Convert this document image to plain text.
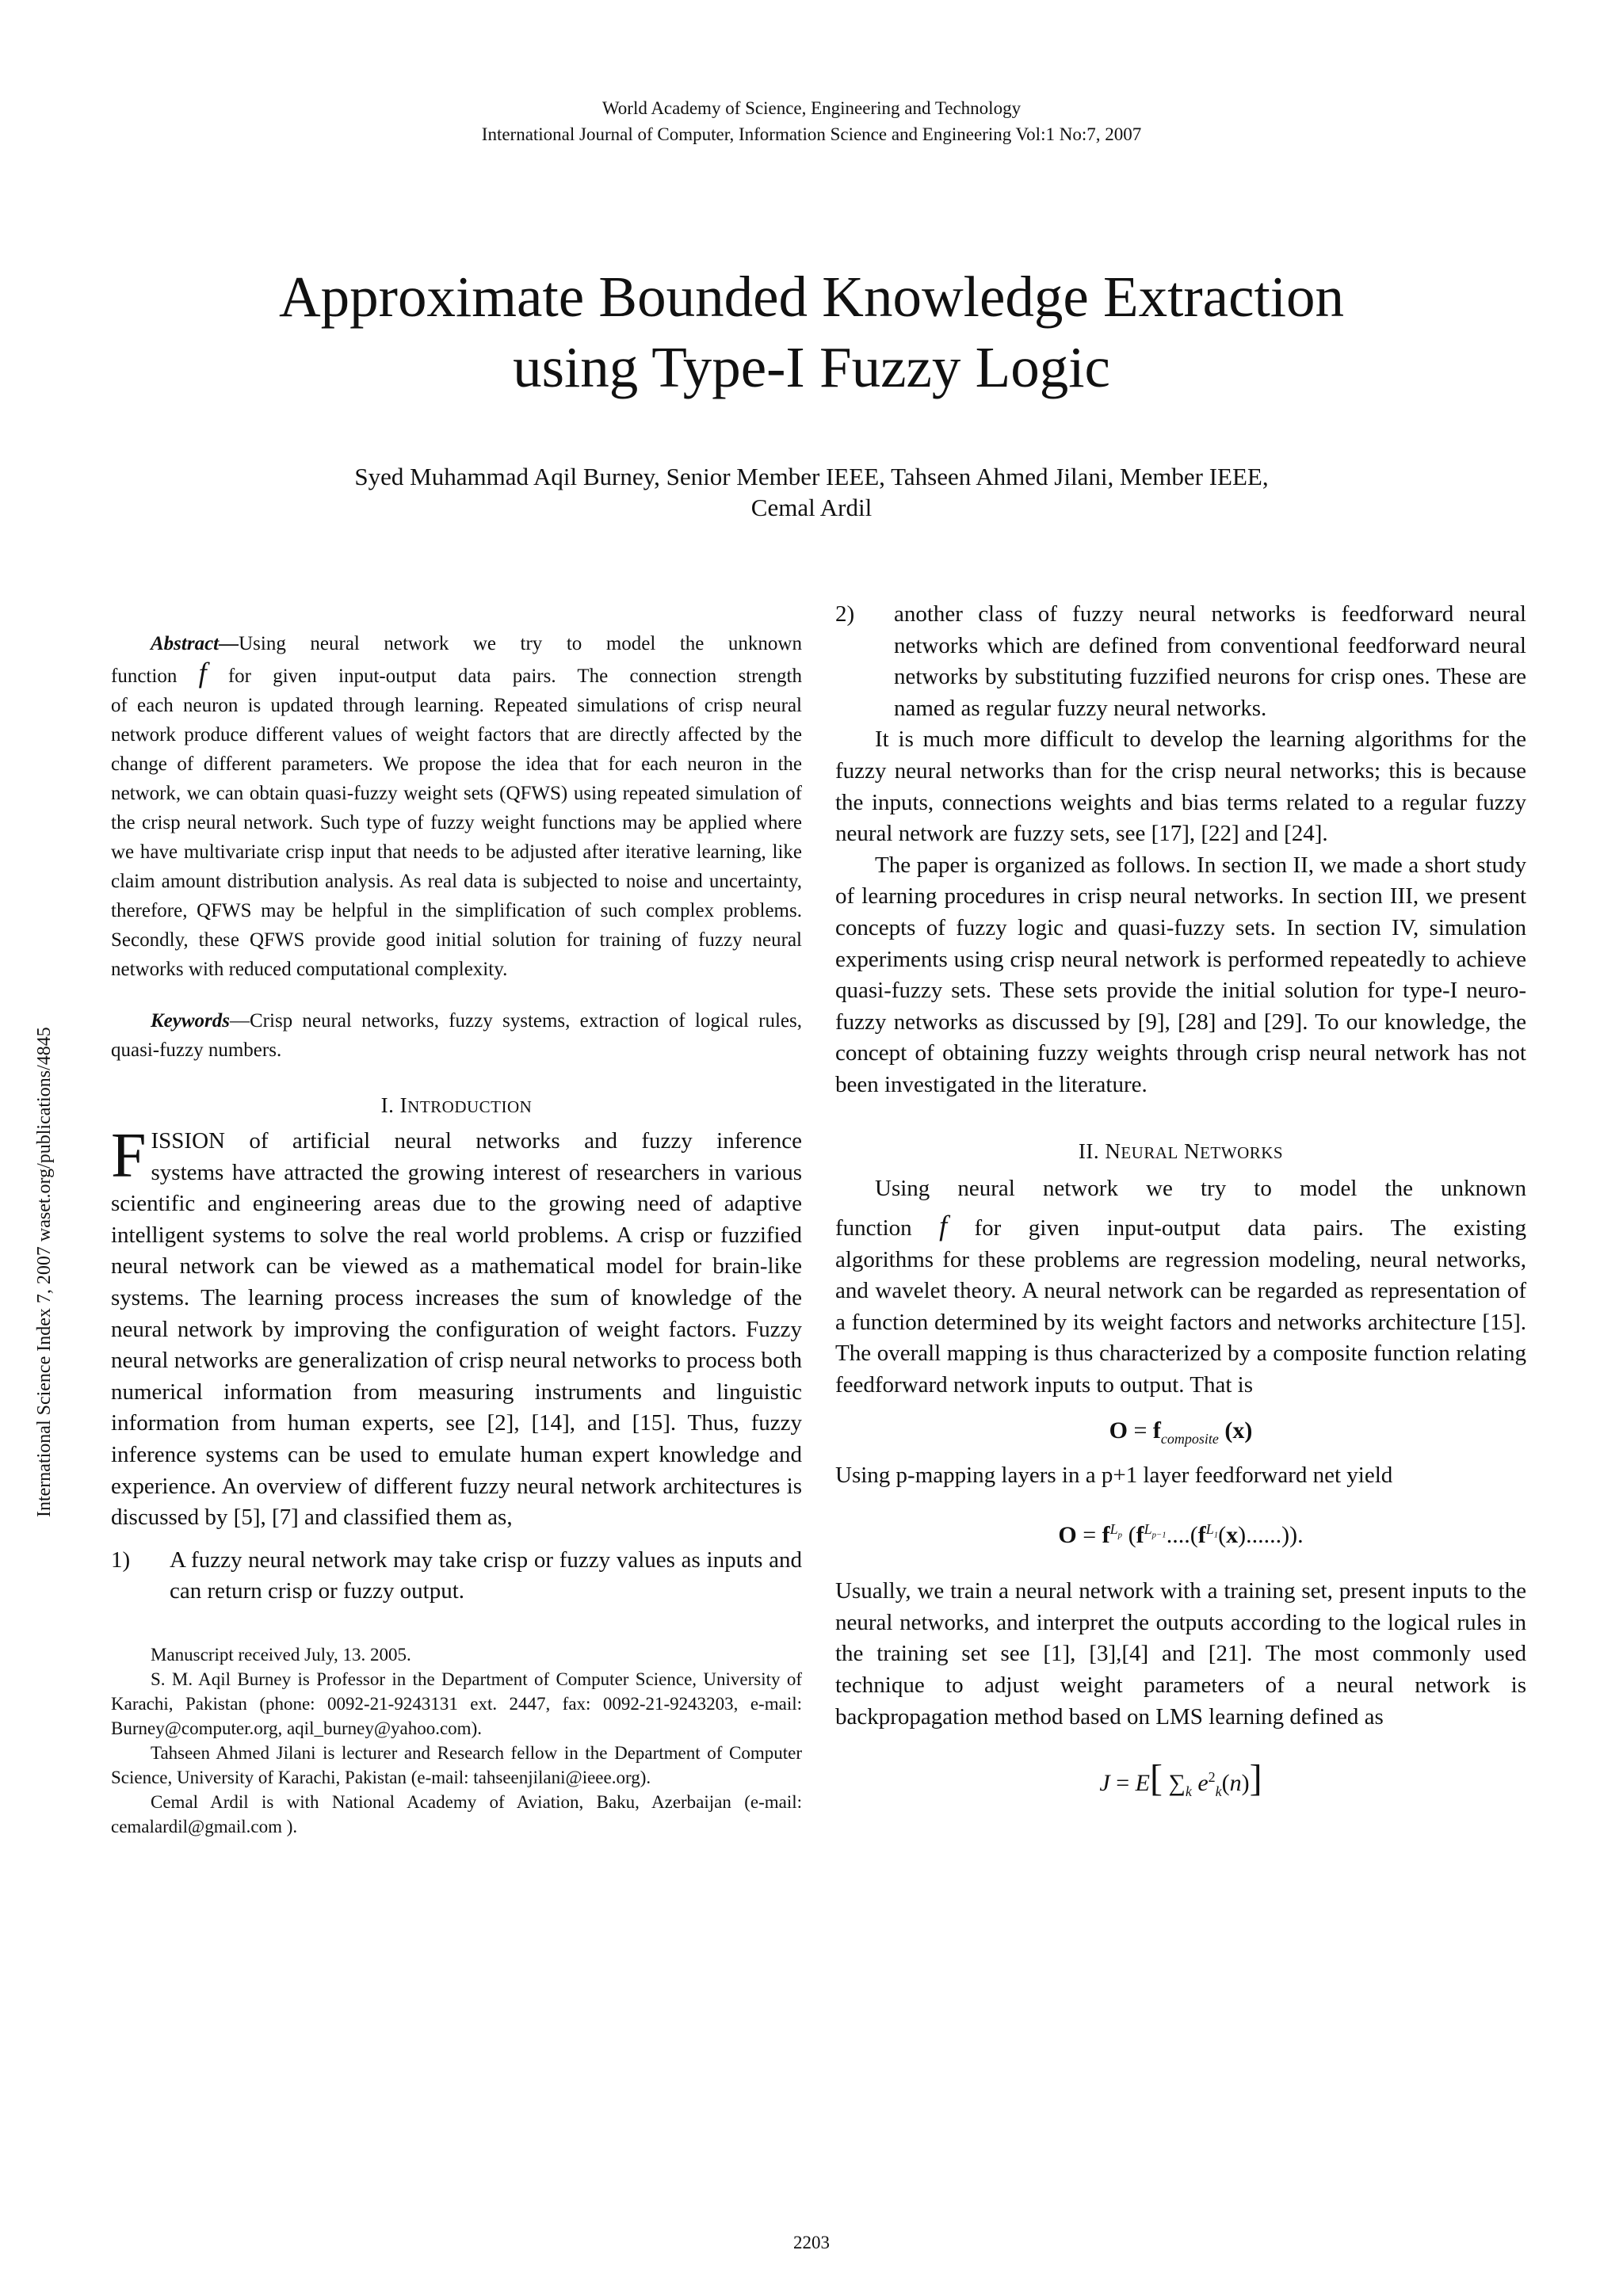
World Academy of Science, Engineering and Technology
International Journal of Computer, Information Science and Engineering Vol:1 No:7, 2007
Approximate Bounded Knowledge Extraction
using Type-I Fuzzy Logic
Syed Muhammad Aqil Burney, Senior Member IEEE, Tahseen Ahmed Jilani, Member IEEE,
Cemal Ardil
International Science Index 7, 2007 waset.org/publications/4845

Abstract—Using neural network we try to model the unknown

function f for given input-output data pairs. The connection strength

of each neuron is updated through learning. Repeated simulations of crisp neural network produce different values of weight factors that are directly affected by the change of different parameters. We propose the idea that for each neuron in the network, we can obtain quasi-fuzzy weight sets (QFWS) using repeated simulation of the crisp neural network. Such type of fuzzy weight functions may be applied where we have multivariate crisp input that needs to be adjusted after iterative learning, like claim amount distribution analysis. As real data is subjected to noise and uncertainty, therefore, QFWS may be helpful in the simplification of such complex problems. Secondly, these QFWS provide good initial solution for training of fuzzy neural networks with reduced computational complexity.

Keywords—Crisp neural networks, fuzzy systems, extraction of logical rules, quasi-fuzzy numbers.

I. INTRODUCTION

F ISSION of artificial neural networks and fuzzy inference

systems have attracted the growing interest of researchers in various scientific and engineering areas due to the growing need of adaptive intelligent systems to solve the real world problems. A crisp or fuzzified neural network can be viewed as a mathematical model for brain-like systems. The learning process increases the sum of knowledge of the neural network by improving the configuration of weight factors. Fuzzy neural networks are generalization of crisp neural networks to process both numerical information from measuring instruments and linguistic information from human experts, see [2], [14], and [15]. Thus, fuzzy inference systems can be used to emulate human expert knowledge and experience. An overview of different fuzzy neural network architectures is discussed by [5], [7] and classified them as,

1)	A fuzzy neural network may take crisp or fuzzy values as inputs and can return crisp or fuzzy output.

Manuscript received July, 13. 2005.

S. M. Aqil Burney is Professor in the Department of Computer Science, University of Karachi, Pakistan (phone: 0092-21-9243131 ext. 2447, fax: 0092-21-9243203, e-mail: Burney@computer.org, aqil_burney@yahoo.com).

Tahseen Ahmed Jilani is lecturer and Research fellow in the Department of Computer Science, University of Karachi, Pakistan (e-mail: tahseenjilani@ieee.org).

Cemal Ardil is with National Academy of Aviation, Baku, Azerbaijan (e-mail: cemalardil@gmail.com ).

2)	another class of fuzzy neural networks is feedforward neural networks which are defined from conventional feedforward neural networks by substituting fuzzified neurons for crisp ones. These are named as regular fuzzy neural networks.

It is much more difficult to develop the learning algorithms for the fuzzy neural networks than for the crisp neural networks; this is because the inputs, connections weights and bias terms related to a regular fuzzy neural network are fuzzy sets, see [17], [22] and [24].

The paper is organized as follows. In section II, we made a short study of learning procedures in crisp neural networks. In section III, we present concepts of fuzzy logic and quasi-fuzzy sets. In section IV, simulation experiments using crisp neural network is performed repeatedly to achieve quasi-fuzzy sets. These sets provide the initial solution for type-I neuro-fuzzy networks as discussed by [9], [28] and [29]. To our knowledge, the concept of obtaining fuzzy weights through crisp neural network has not been investigated in the literature.

II. NEURAL NETWORKS

Using neural network we try to model the unknown

function f for given input-output data pairs. The existing

algorithms for these problems are regression modeling, neural networks, and wavelet theory. A neural network can be regarded as representation of a function determined by its weight factors and networks architecture [15]. The overall mapping is thus characterized by a composite function relating feedforward network inputs to output. That is

$O = f_{composite}$ (x)

Using p-mapping layers in a p+1 layer feedforward net yield

$O = f^{L_p}$ $(f^{L_{p-1}}....(f^{L_1}(x)......))$.

Usually, we train a neural network with a training set, present inputs to the neural networks, and interpret the outputs according to the logical rules in the training set see [1], [3],[4] and [21]. The most commonly used technique to adjust weight parameters of a neural network is backpropagation method based on LMS learning defined as

J = E[ $\sum_k$ $e^2_k(n)$]
2203
